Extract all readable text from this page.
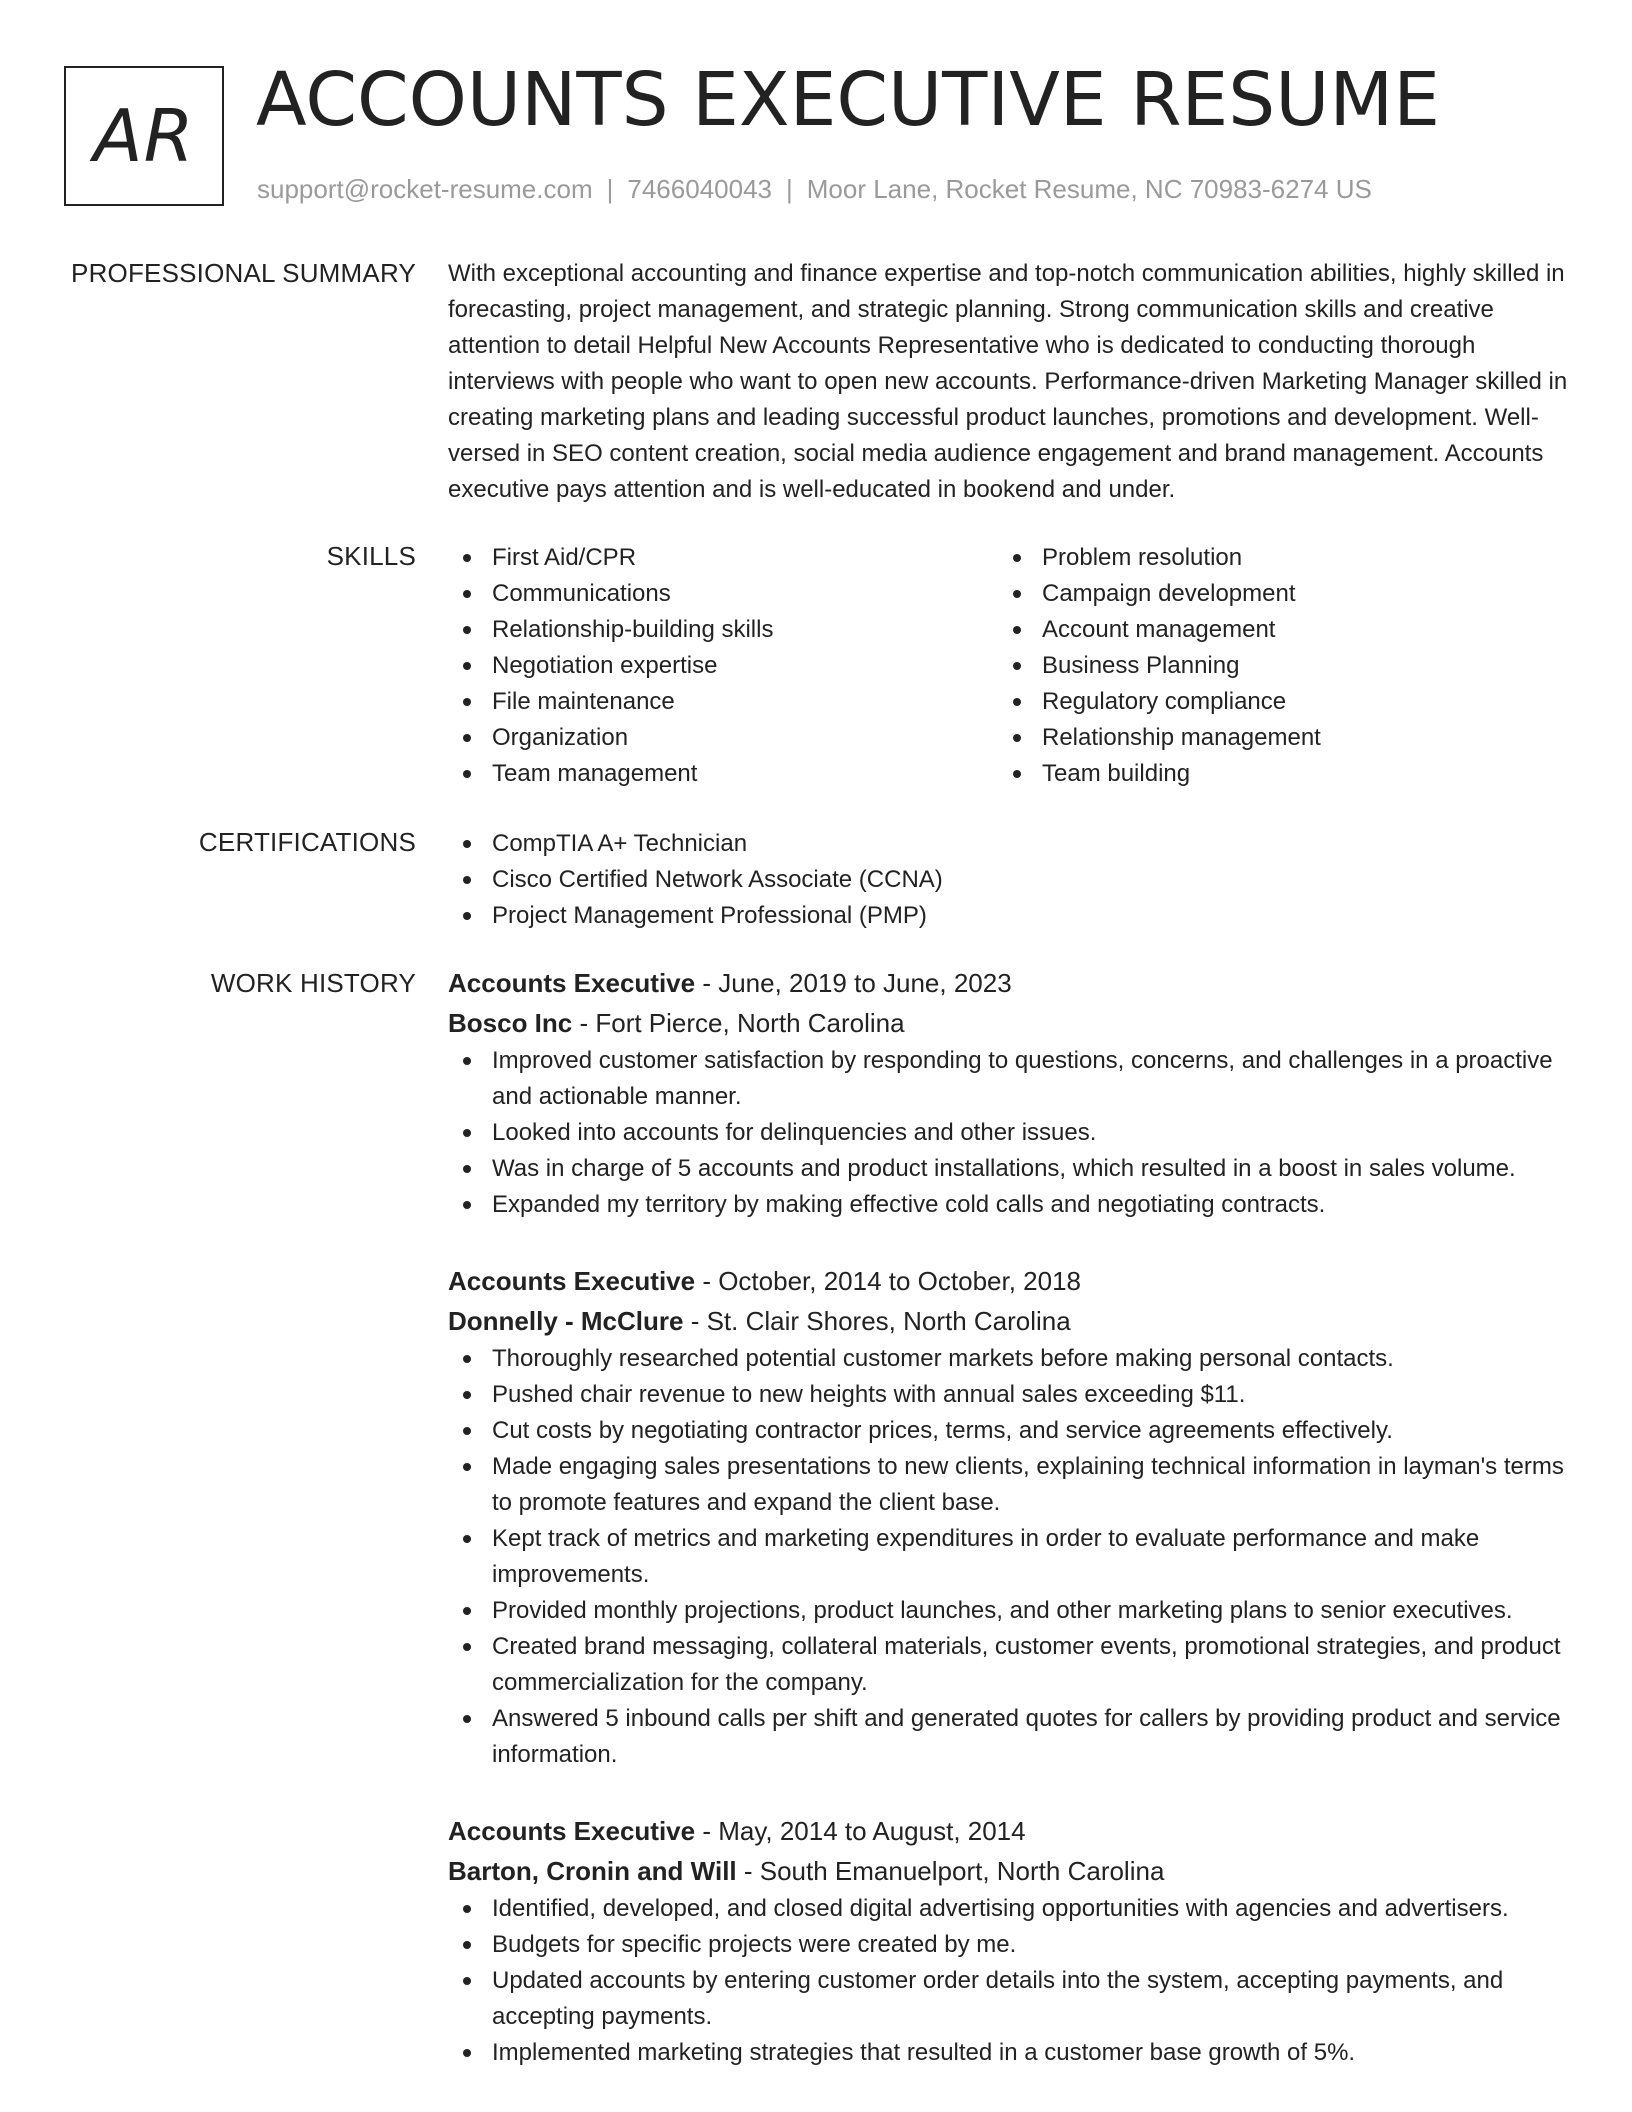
AR ACCOUNTS EXECUTIVE RESUME
support@rocket-resume.com | 7466040043 | Moor Lane, Rocket Resume, NC 70983-6274 US
PROFESSIONAL SUMMARY With exceptional accounting and finance expertise and top-notch communication abilities, highly skilled in forecasting, project management, and strategic planning. Strong communication skills and creative attention to detail Helpful New Accounts Representative who is dedicated to conducting thorough interviews with people who want to open new accounts. Performance-driven Marketing Manager skilled in creating marketing plans and leading successful product launches, promotions and development. Well-versed in SEO content creation, social media audience engagement and brand management. Accounts executive pays attention and is well-educated in bookend and under.
SKILLS	First Aid/CPR
Communications
Relationship-building skills
Negotiation expertise
File maintenance
Organization
Team management
Problem resolution
Campaign development
Account management
Business Planning
Regulatory compliance
Relationship management
Team building
CERTIFICATIONS	CompTIA A+ Technician
Cisco Certified Network Associate (CCNA)
Project Management Professional (PMP)
WORK HISTORY Accounts Executive - June, 2019 to June, 2023
Bosco Inc - Fort Pierce, North Carolina
Improved customer satisfaction by responding to questions, concerns, and challenges in a proactive and actionable manner.
Looked into accounts for delinquencies and other issues.
Was in charge of 5 accounts and product installations, which resulted in a boost in sales volume.
Expanded my territory by making effective cold calls and negotiating contracts.
Accounts Executive - October, 2014 to October, 2018
Donnelly - McClure - St. Clair Shores, North Carolina
Thoroughly researched potential customer markets before making personal contacts.
Pushed chair revenue to new heights with annual sales exceeding $11.
Cut costs by negotiating contractor prices, terms, and service agreements effectively.
Made engaging sales presentations to new clients, explaining technical information in layman's terms to promote features and expand the client base.
Kept track of metrics and marketing expenditures in order to evaluate performance and make improvements.
Provided monthly projections, product launches, and other marketing plans to senior executives.
Created brand messaging, collateral materials, customer events, promotional strategies, and product commercialization for the company.
Answered 5 inbound calls per shift and generated quotes for callers by providing product and service information.
Accounts Executive - May, 2014 to August, 2014
Barton, Cronin and Will - South Emanuelport, North Carolina
Identified, developed, and closed digital advertising opportunities with agencies and advertisers.
Budgets for specific projects were created by me.
Updated accounts by entering customer order details into the system, accepting payments, and accepting payments.
Implemented marketing strategies that resulted in a customer base growth of 5%.
